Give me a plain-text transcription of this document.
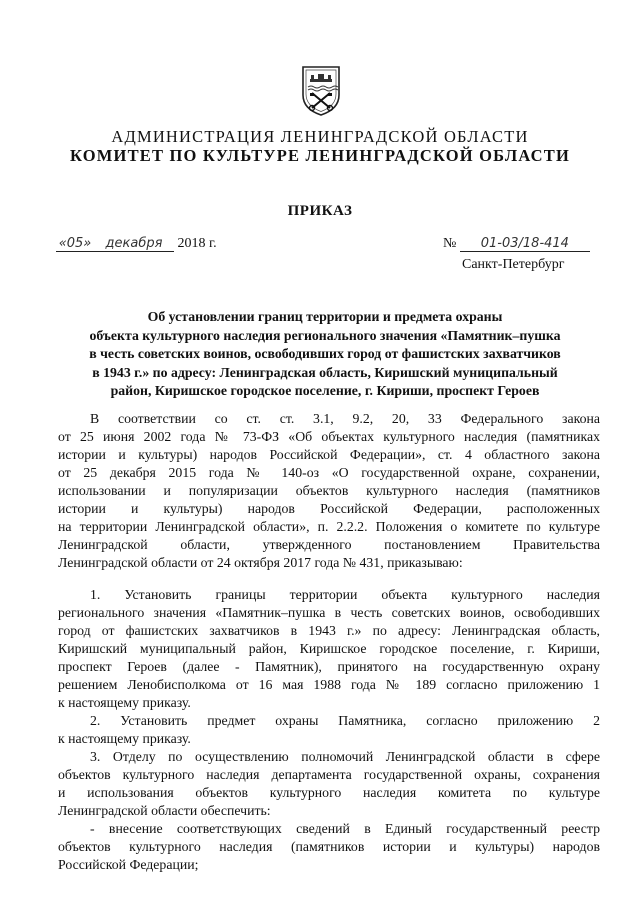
АДМИНИСТРАЦИЯ ЛЕНИНГРАДСКОЙ ОБЛАСТИ
КОМИТЕТ ПО КУЛЬТУРЕ ЛЕНИНГРАДСКОЙ ОБЛАСТИ
ПРИКАЗ
«05» декабря 2018 г.	№ 01-03/18-414
Санкт-Петербург
Об установлении границ территории и предмета охраны
объекта культурного наследия регионального значения «Памятник–пушка
в честь советских воинов, освободивших город от фашистских захватчиков
в 1943 г.» по адресу: Ленинградская область, Киришский муниципальный
район, Киришское городское поселение, г. Кириши, проспект Героев
В соответствии со ст. ст. 3.1, 9.2, 20, 33 Федерального закона
от 25 июня 2002 года № 73-ФЗ «Об объектах культурного наследия (памятниках
истории и культуры) народов Российской Федерации», ст. 4 областного закона
от 25 декабря 2015 года № 140-оз «О государственной охране, сохранении,
использовании и популяризации объектов культурного наследия (памятников
истории и культуры) народов Российской Федерации, расположенных
на территории Ленинградской области», п. 2.2.2. Положения о комитете по культуре
Ленинградской области, утвержденного постановлением Правительства
Ленинградской области от 24 октября 2017 года № 431, приказываю:
1. Установить границы территории объекта культурного наследия
регионального значения «Памятник–пушка в честь советских воинов, освободивших
город от фашистских захватчиков в 1943 г.» по адресу: Ленинградская область,
Киришский муниципальный район, Киришское городское поселение, г. Кириши,
проспект Героев (далее - Памятник), принятого на государственную охрану
решением Ленобисполкома от 16 мая 1988 года № 189 согласно приложению 1
к настоящему приказу.
2. Установить предмет охраны Памятника, согласно приложению 2
к настоящему приказу.
3. Отделу по осуществлению полномочий Ленинградской области в сфере
объектов культурного наследия департамента государственной охраны, сохранения
и использования объектов культурного наследия комитета по культуре
Ленинградской области обеспечить:
- внесение соответствующих сведений в Единый государственный реестр
объектов культурного наследия (памятников истории и культуры) народов
Российской Федерации;
